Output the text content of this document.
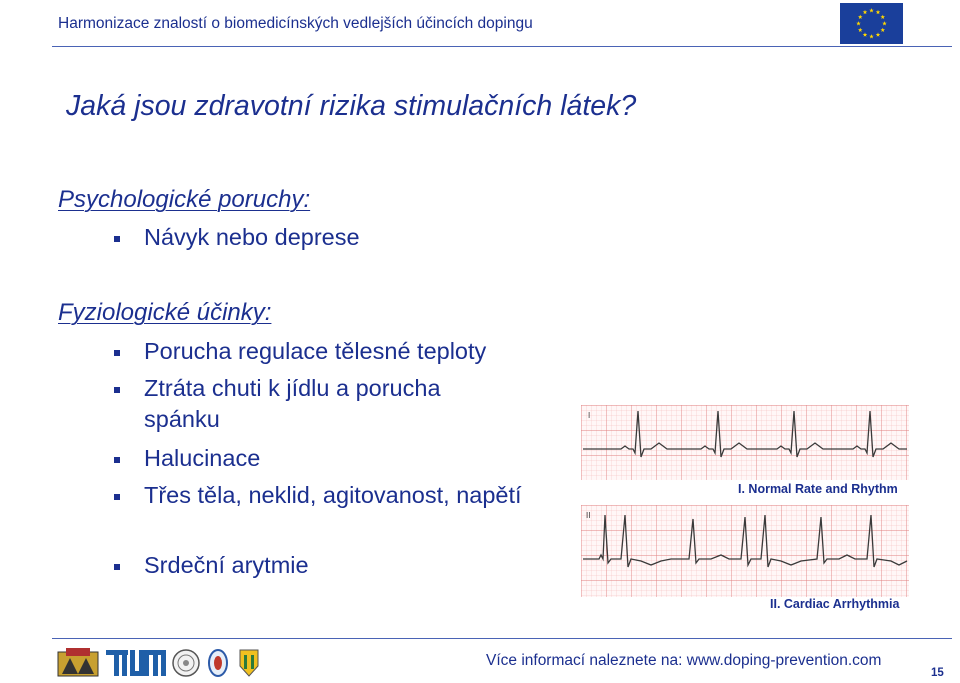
Harmonizace znalostí o biomedicínských vedlejších účincích dopingu
Jaká jsou zdravotní rizika stimulačních látek?
Psychologické poruchy:
Návyk nebo deprese
Fyziologické účinky:
Porucha regulace tělesné teploty
Ztráta chuti k jídlu a porucha spánku
Halucinace
Třes těla, neklid, agitovanost, napětí
Srdeční arytmie
I
I. Normal Rate and Rhythm
II
II. Cardiac Arrhythmia
Více informací naleznete na: www.doping-prevention.com
15
